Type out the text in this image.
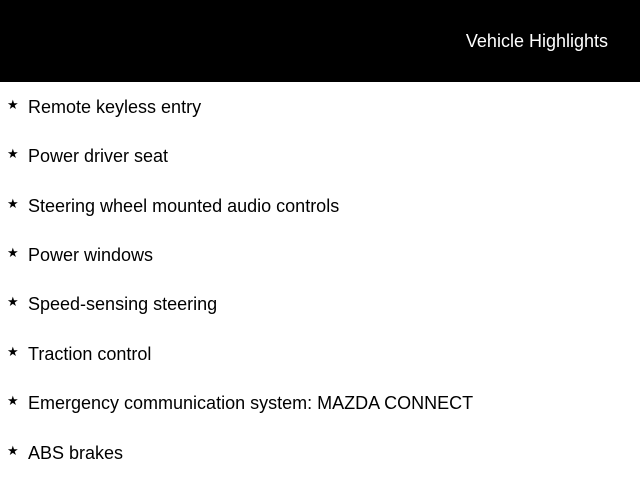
Vehicle Highlights
★ Remote keyless entry
★ Power driver seat
★ Steering wheel mounted audio controls
★ Power windows
★ Speed-sensing steering
★ Traction control
★ Emergency communication system: MAZDA CONNECT
★ ABS brakes
